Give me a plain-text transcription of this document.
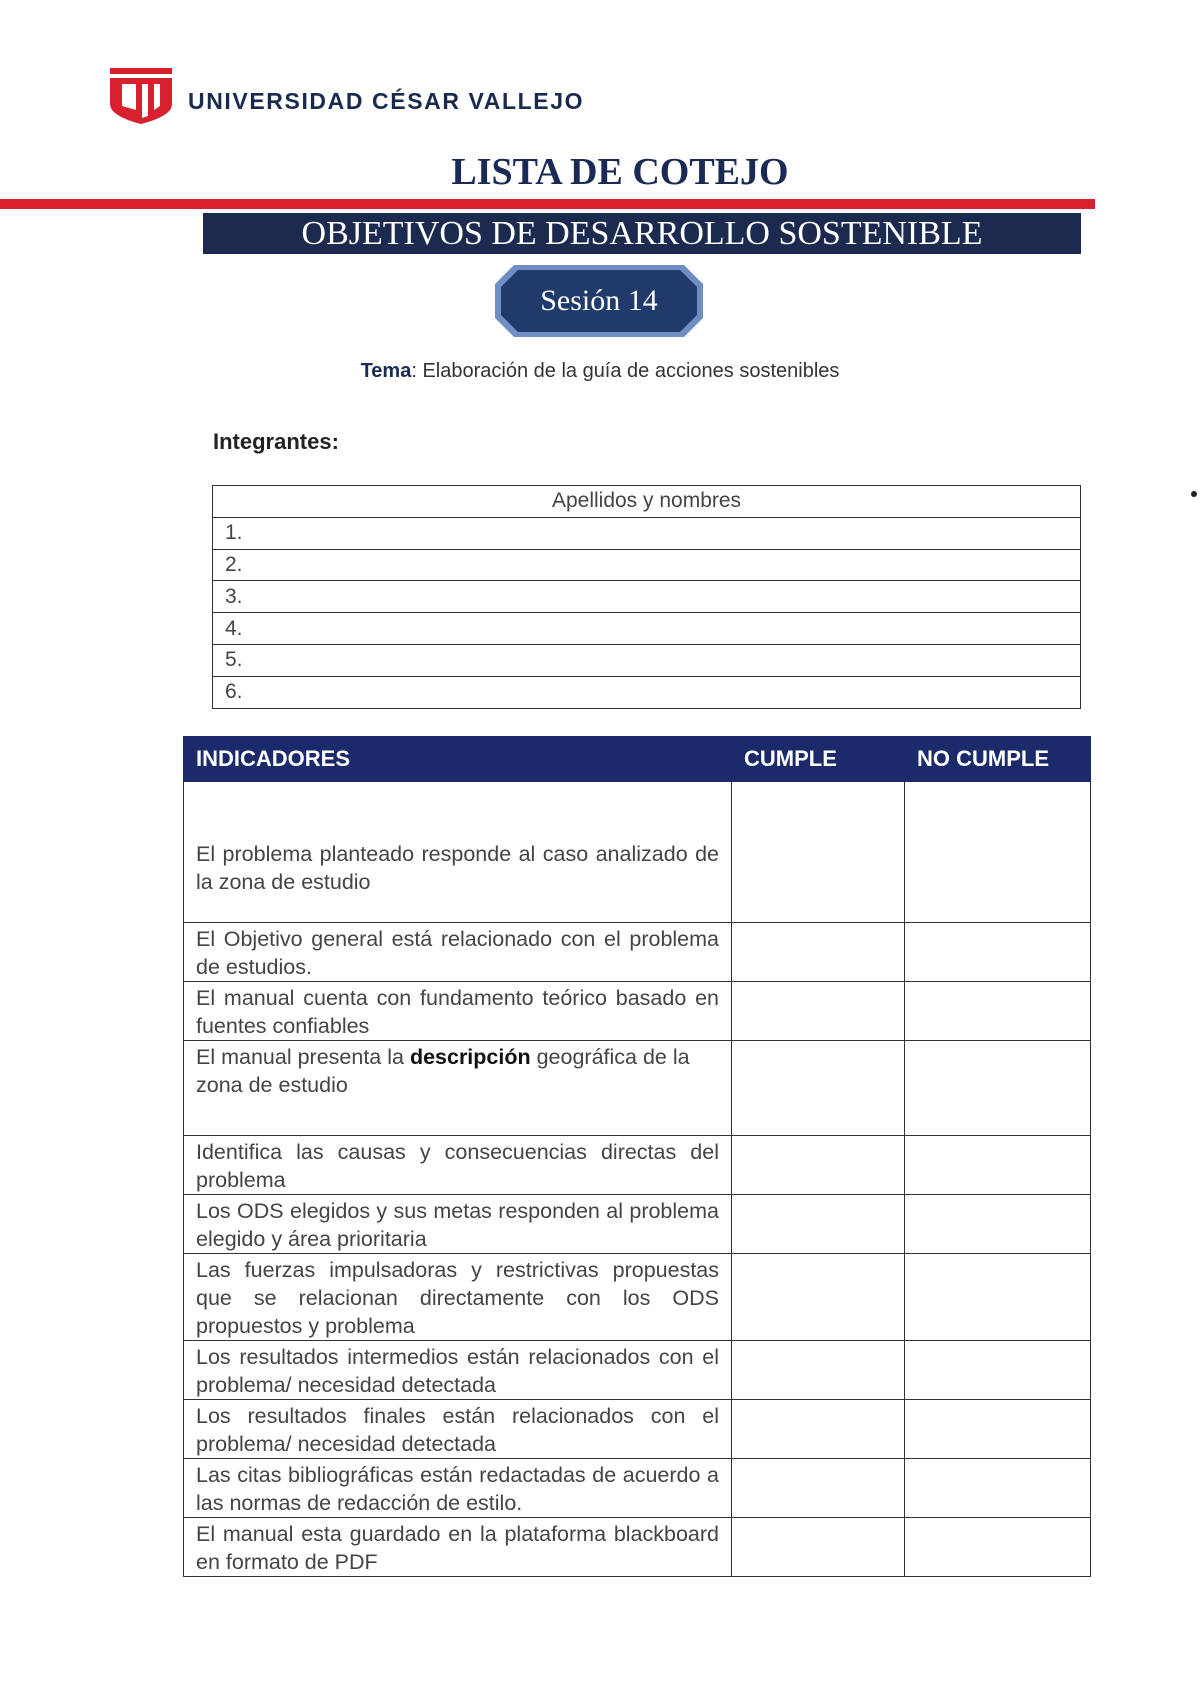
UNIVERSIDAD CÉSAR VALLEJO
LISTA DE COTEJO
OBJETIVOS DE DESARROLLO SOSTENIBLE
Sesión 14
Tema: Elaboración de la guía de acciones sostenibles
Integrantes:
Apellidos y nombres
1.
2.
3.
4.
5.
6.
INDICADORES	CUMPLE	NO CUMPLE
El problema planteado responde al caso analizado de la zona de estudio		
El Objetivo general está relacionado con el problema de estudios.		
El manual cuenta con fundamento teórico basado en fuentes confiables		
El manual presenta la descripción geográfica de la zona de estudio		
Identifica las causas y consecuencias directas del problema		
Los ODS elegidos y sus metas responden al problema elegido y área prioritaria		
Las fuerzas impulsadoras y restrictivas propuestas que se relacionan directamente con los ODS propuestos y problema		
Los resultados intermedios están relacionados con el problema/ necesidad detectada		
Los resultados finales están relacionados con el problema/ necesidad detectada		
Las citas bibliográficas están redactadas de acuerdo a las normas de redacción de estilo.		
El manual esta guardado en la plataforma blackboard en formato de PDF		
